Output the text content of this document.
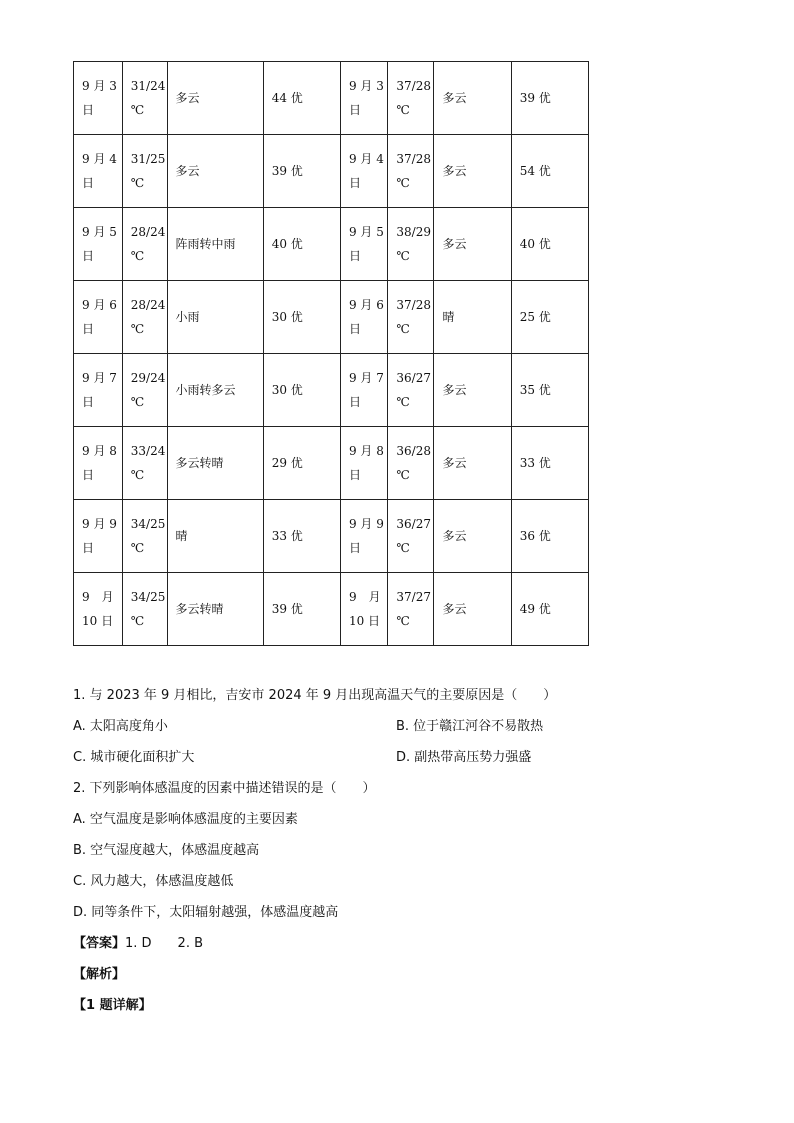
9 月 3
日	31/24
℃	多云	44 优	9 月 3
日	37/28
℃	多云	39 优

9 月 4
日	31/25
℃	多云	39 优	9 月 4
日	37/28
℃	多云	54 优

9 月 5
日	28/24
℃	阵雨转中雨	40 优	9 月 5
日	38/29
℃	多云	40 优

9 月 6
日	28/24
℃	小雨	30 优	9 月 6
日	37/28
℃	晴	25 优

9 月 7
日	29/24
℃	小雨转多云	30 优	9 月 7
日	36/27
℃	多云	35 优

9 月 8
日	33/24
℃	多云转晴	29 优	9 月 8
日	36/28
℃	多云	33 优

9 月 9
日	34/25
℃	晴	33 优	9 月 9
日	36/27
℃	多云	36 优

9　月
10 日	34/25
℃	多云转晴	39 优	9　月
10 日	37/27
℃	多云	49 优
1. 与 2023 年 9 月相比，吉安市 2024 年 9 月出现高温天气的主要原因是（　　）
A. 太阳高度角小	B. 位于赣江河谷不易散热
C. 城市硬化面积扩大	D. 副热带高压势力强盛
2. 下列影响体感温度的因素中描述错误的是（　　）
A. 空气温度是影响体感温度的主要因素
B. 空气湿度越大，体感温度越高
C. 风力越大，体感温度越低
D. 同等条件下，太阳辐射越强，体感温度越高
【答案】1. D　　2. B
【解析】
【1 题详解】
